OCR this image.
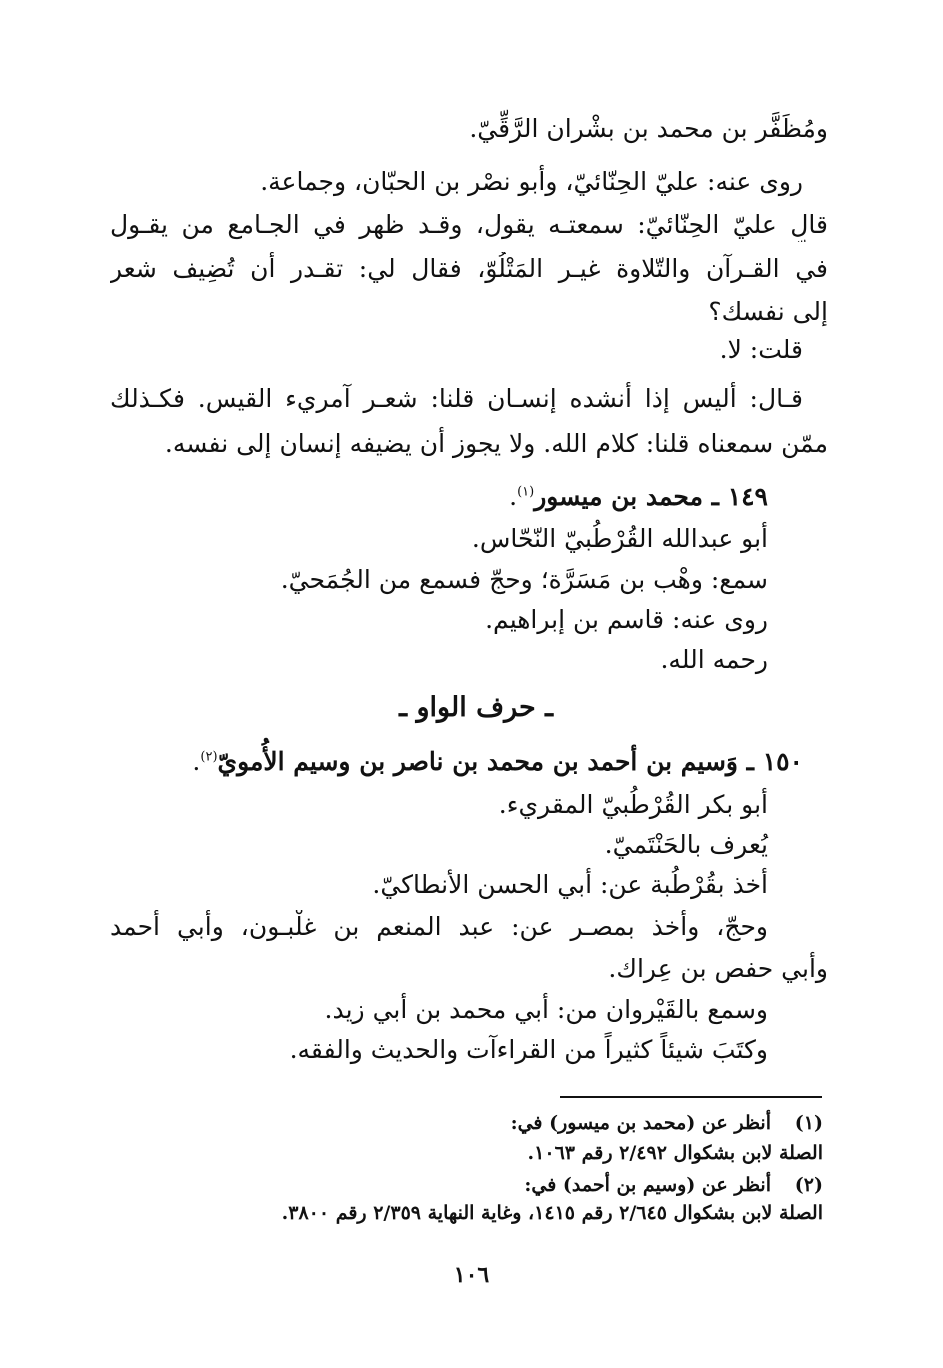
ومُظَفَّر بن محمد بن بشْران الرَّقِّيّ.
روى عنه: عليّ الحِنّائيّ، وأبو نصْر بن الحبّان، وجماعة.
قال عليّ الحِنّائيّ: سمعتـه يقول، وقـد ظهر في الجـامع من يقـول
في القـرآن والتّلاوة غيـر المَتْلُوّ، فقال لي: تقـدر أن تُضِيف شعر
إلى نفسك؟
قلت: لا.
قـال: أليس إذا أنشده إنسـان قلنا: شعـر آمريء القيس. فكـذلك
ممّن سمعناه قلنا: كلام الله. ولا يجوز أن يضيفه إنسان إلى نفسه.
١٤٩ ـ محمد بن ميسور$^{(١)}$.
أبو عبدالله القُرْطُبيّ النّحّاس.
سمع: وهْب بن مَسَرَّة؛ وحجّ فسمع من الجُمَحيّ.
روى عنه: قاسم بن إبراهيم.
رحمه الله.
ـ حرف الواو ـ
١٥٠ ـ وَسيم بن أحمد بن محمد بن ناصر بن وسيم الأُمويّ$^{(٢)}$.
أبو بكر القُرْطُبيّ المقريء.
يُعرف بالحَنْتَميّ.
أخذ بقُرْطُبة عن: أبي الحسن الأنطاكيّ.
وحجّ، وأخذ بمصـر عن: عبد المنعم بن غلْبـون، وأبي أحمد
وأبي حفص بن عِراك.
وسمع بالقَيْروان من: أبي محمد بن أبي زيد.
وكتَبَ شيئاً كثيراً من القراءآت والحديث والفقه.
(١)
أنظر عن (محمد بن ميسور) في:
الصلة لابن بشكوال ٢/٤٩٢ رقم ١٠٦٣.
(٢)
أنظر عن (وسيم بن أحمد) في:
الصلة لابن بشكوال ٢/٦٤٥ رقم ١٤١٥، وغاية النهاية ٢/٣٥٩ رقم ٣٨٠٠.
١٠٦
